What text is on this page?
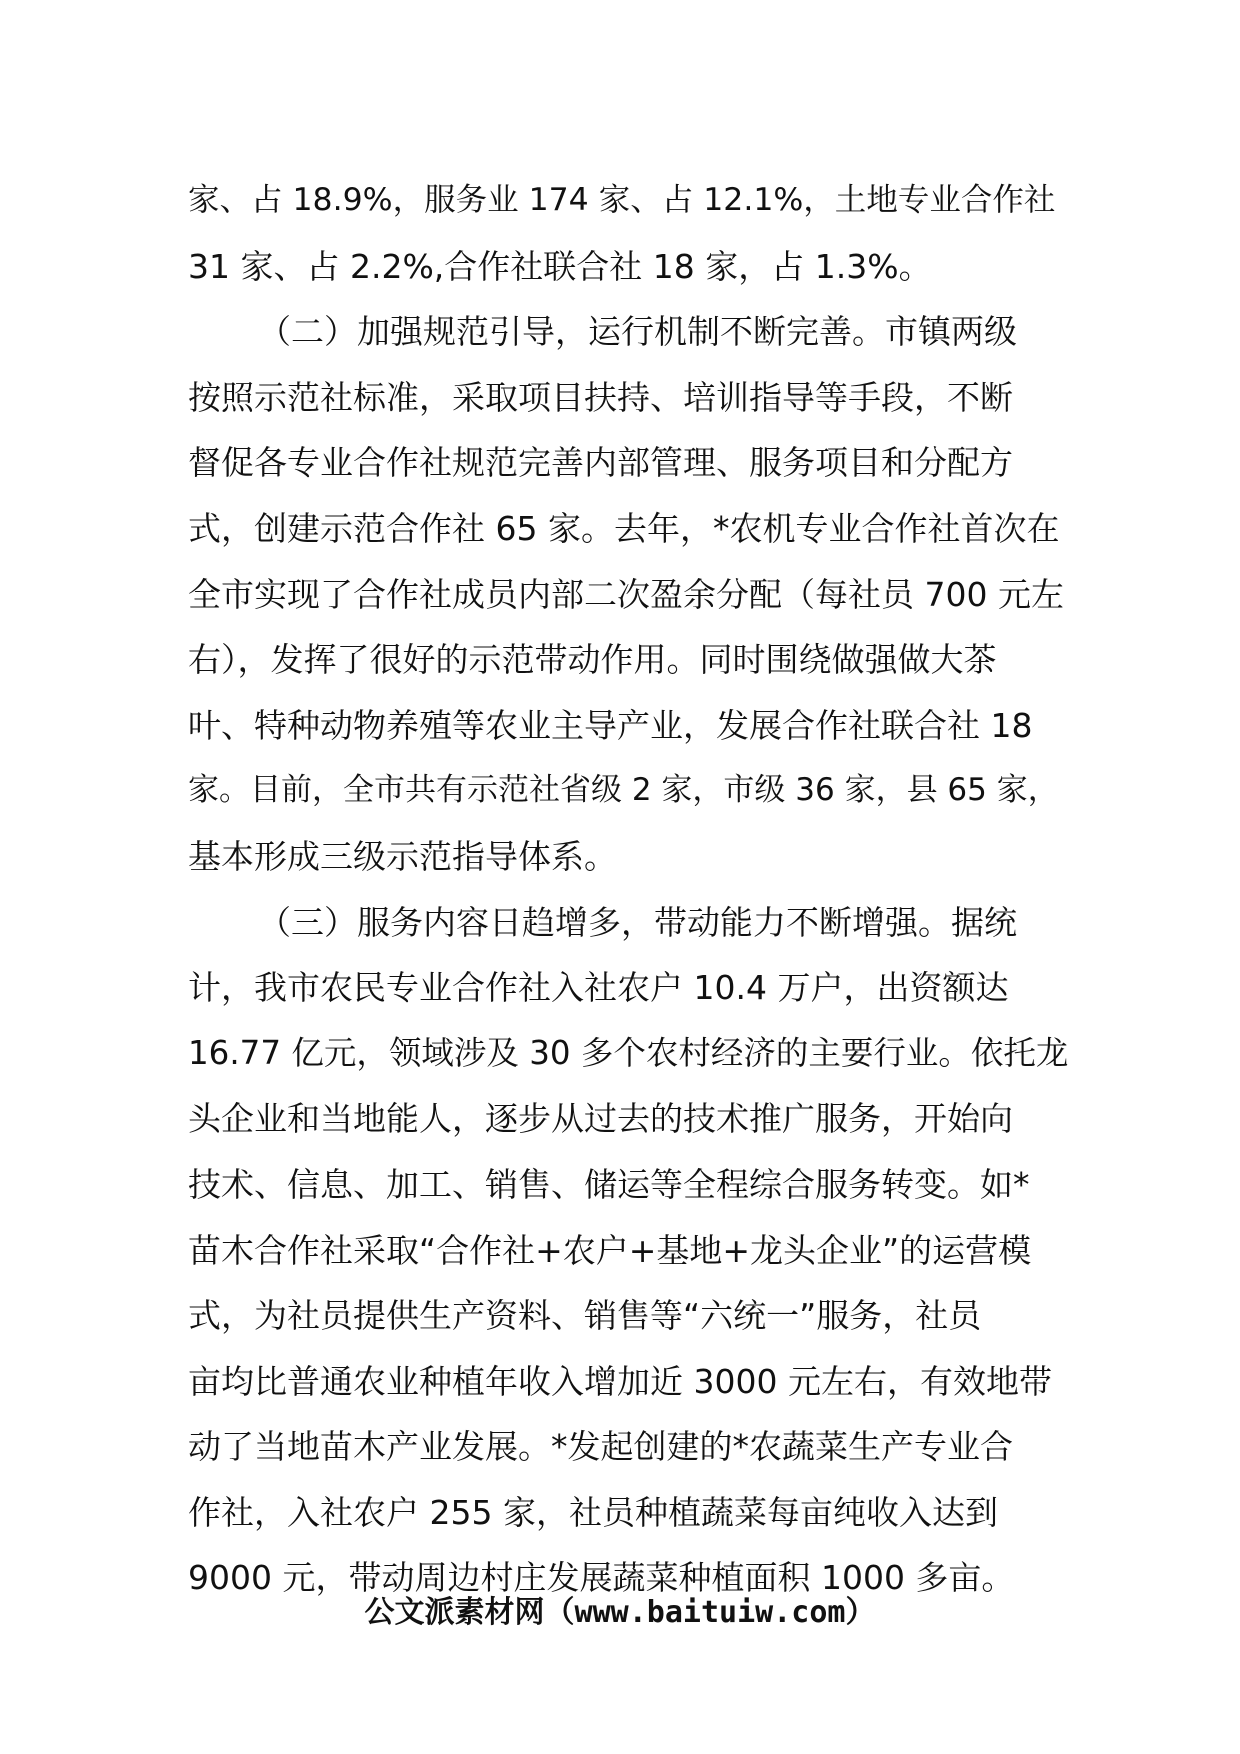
家、占 18.9%，服务业 174 家、占 12.1%，土地专业合作社
31 家、占 2.2%,合作社联合社 18 家，占 1.3%。
（二）加强规范引导，运行机制不断完善。市镇两级
按照示范社标准，采取项目扶持、培训指导等手段，不断
督促各专业合作社规范完善内部管理、服务项目和分配方
式，创建示范合作社 65 家。去年，*农机专业合作社首次在
全市实现了合作社成员内部二次盈余分配（每社员 700 元左
右），发挥了很好的示范带动作用。同时围绕做强做大茶
叶、特种动物养殖等农业主导产业，发展合作社联合社 18
家。目前，全市共有示范社省级 2 家，市级 36 家，县 65 家，
基本形成三级示范指导体系。
（三）服务内容日趋增多，带动能力不断增强。据统
计，我市农民专业合作社入社农户 10.4 万户，出资额达
16.77 亿元，领域涉及 30 多个农村经济的主要行业。依托龙
头企业和当地能人，逐步从过去的技术推广服务，开始向
技术、信息、加工、销售、储运等全程综合服务转变。如*
苗木合作社采取“合作社+农户+基地+龙头企业”的运营模
式，为社员提供生产资料、销售等“六统一”服务，社员
亩均比普通农业种植年收入增加近 3000 元左右，有效地带
动了当地苗木产业发展。*发起创建的*农蔬菜生产专业合
作社，入社农户 255 家，社员种植蔬菜每亩纯收入达到
9000 元，带动周边村庄发展蔬菜种植面积 1000 多亩。
公文派素材网（www.baituiw.com）
